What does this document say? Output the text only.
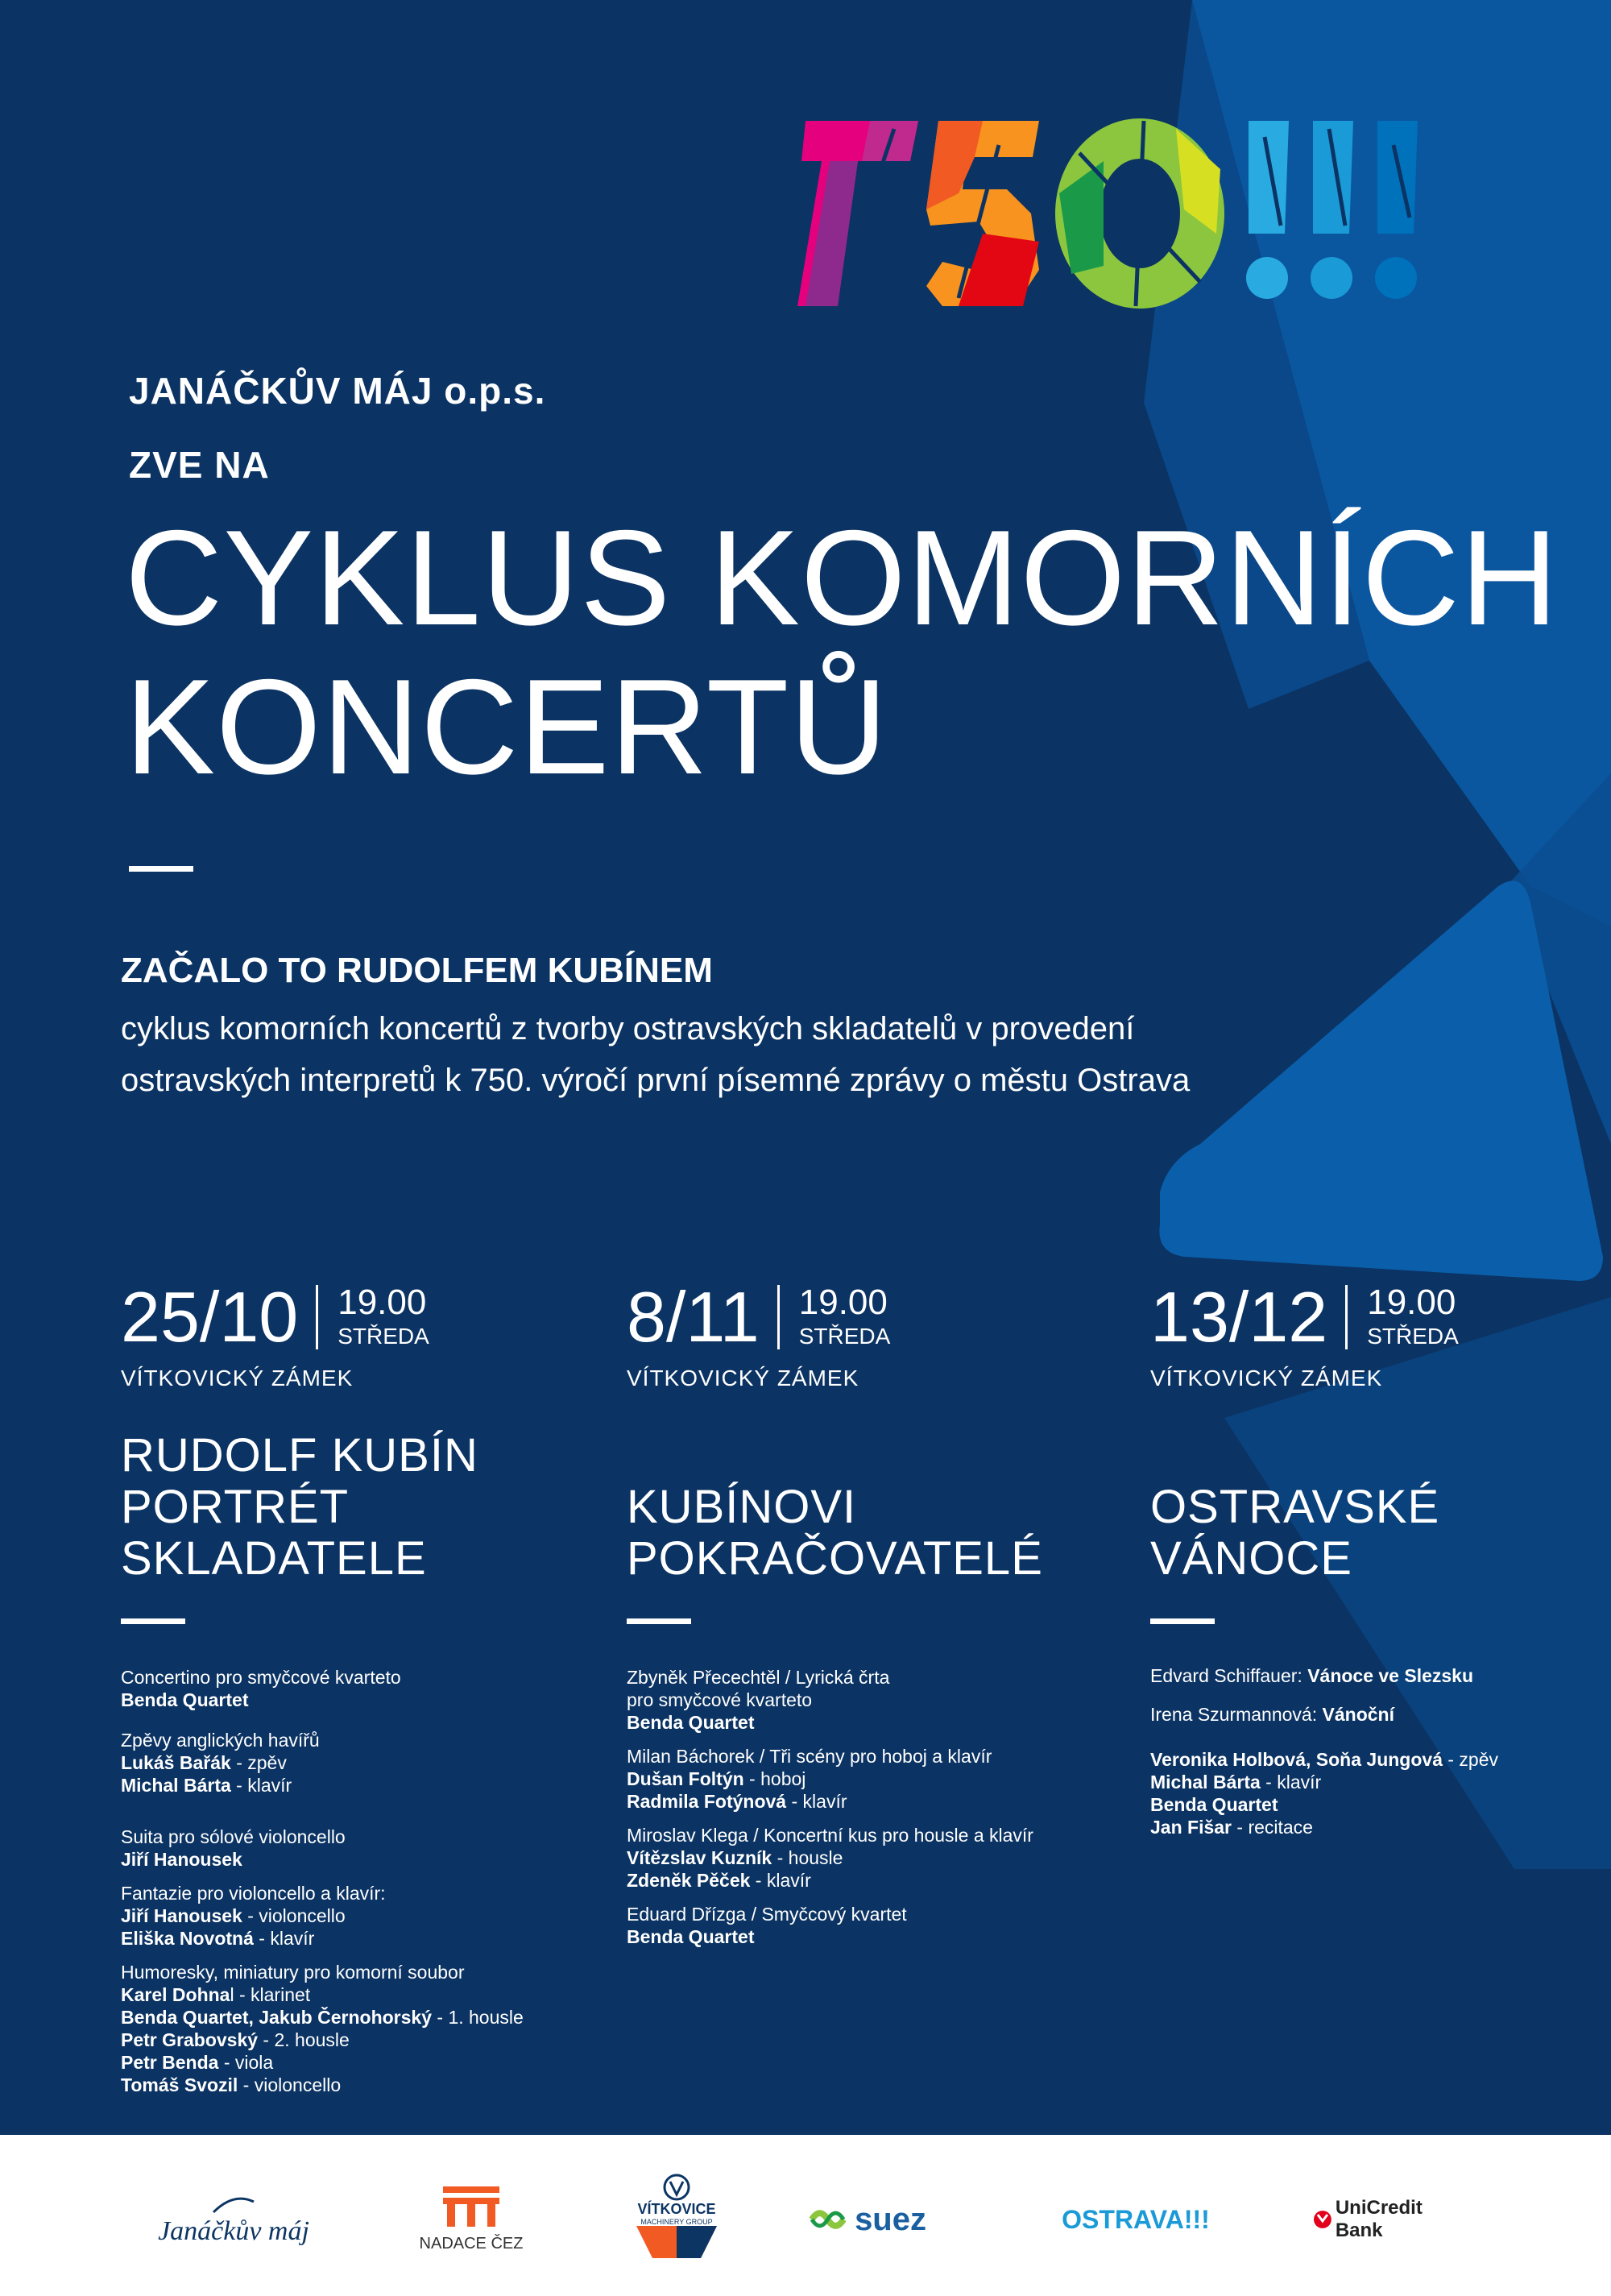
JANÁČKŮV MÁJ o.p.s.
ZVE NA
CYKLUS KOMORNÍCH
KONCERTŮ
ZAČALO TO RUDOLFEM KUBÍNEM
cyklus komorních koncertů z tvorby ostravských skladatelů v provedení
ostravských interpretů k 750. výročí první písemné zprávy o městu Ostrava
25/10 19.00
STŘEDA
VÍTKOVICKÝ ZÁMEK
RUDOLF KUBÍN
PORTRÉT
SKLADATELE
Concertino pro smyčcové kvarteto
Benda Quartet
Zpěvy anglických havířů
Lukáš Bařák - zpěv
Michal Bárta - klavír
Suita pro sólové violoncello
Jiří Hanousek
Fantazie pro violoncello a klavír:
Jiří Hanousek - violoncello
Eliška Novotná - klavír
Humoresky, miniatury pro komorní soubor
Karel Dohnal - klarinet
Benda Quartet, Jakub Černohorský - 1. housle
Petr Grabovský - 2. housle
Petr Benda - viola
Tomáš Svozil - violoncello
8/11 19.00
STŘEDA
VÍTKOVICKÝ ZÁMEK
KUBÍNOVI
POKRAČOVATELÉ
Zbyněk Přecechtěl / Lyrická črta
pro smyčcové kvarteto
Benda Quartet
Milan Báchorek / Tři scény pro hoboj a klavír
Dušan Foltýn - hoboj
Radmila Fotýnová - klavír
Miroslav Klega / Koncertní kus pro housle a klavír
Vítězslav Kuzník - housle
Zdeněk Pěček - klavír
Eduard Dřízga / Smyčcový kvartet
Benda Quartet
13/12 19.00
STŘEDA
VÍTKOVICKÝ ZÁMEK
OSTRAVSKÉ
VÁNOCE
Edvard Schiffauer: Vánoce ve Slezsku
Irena Szurmannová: Vánoční
Veronika Holbová, Soňa Jungová - zpěv
Michal Bárta - klavír
Benda Quartet
Jan Fišar - recitace
Janáčkův máj	NADACE ČEZ
VÍTKOVICE
MACHINERY GROUP	suez	OSTRAVA!!!	UniCredit Bank
